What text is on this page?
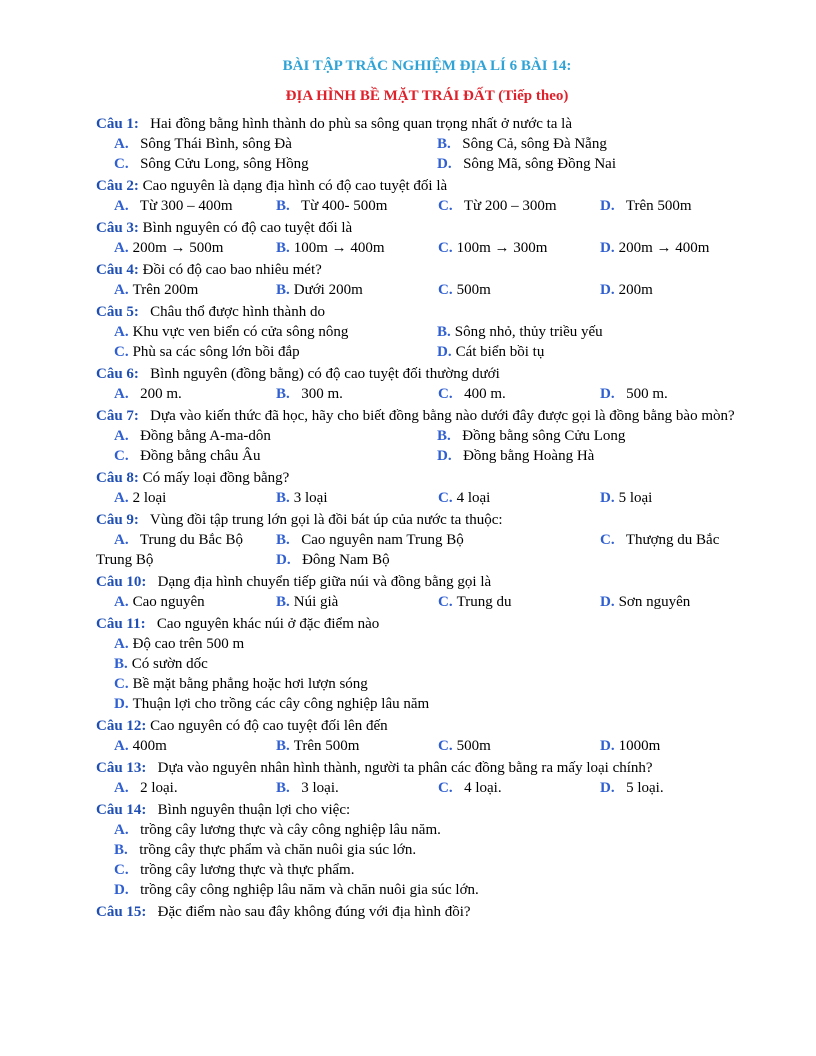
BÀI TẬP TRẮC NGHIỆM ĐỊA LÍ 6 BÀI 14:
ĐỊA HÌNH BỀ MẶT TRÁI ĐẤT (Tiếp theo)
Câu 1: Hai đồng bằng hình thành do phù sa sông quan trọng nhất ở nước ta là
A. Sông Thái Bình, sông Đà	B. Sông Cả, sông Đà Nẵng
C. Sông Cửu Long, sông Hồng	D. Sông Mã, sông Đồng Nai
Câu 2: Cao nguyên là dạng địa hình có độ cao tuyệt đối là
A. Từ 300 – 400m	B. Từ 400- 500m	C. Từ 200 – 300m	D. Trên 500m
Câu 3: Bình nguyên có độ cao tuyệt đối là
A. 200m → 500m	B. 100m → 400m	C. 100m → 300m	D. 200m → 400m
Câu 4: Đồi có độ cao bao nhiêu mét?
A. Trên 200m	B. Dưới 200m	C. 500m	D. 200m
Câu 5: Châu thổ được hình thành do
A. Khu vực ven biển có cửa sông nông	B. Sông nhỏ, thủy triều yếu
C. Phù sa các sông lớn bồi đắp	D. Cát biển bồi tụ
Câu 6: Bình nguyên (đồng bằng) có độ cao tuyệt đối thường dưới
A. 200 m.	B. 300 m.	C. 400 m.	D. 500 m.
Câu 7: Dựa vào kiến thức đã học, hãy cho biết đồng bằng nào dưới đây được gọi là đồng bằng bào mòn?
A. Đồng bằng A-ma-dôn	B. Đồng bằng sông Cửu Long
C. Đồng bằng châu Âu	D. Đồng bằng Hoàng Hà
Câu 8: Có mấy loại đồng bằng?
A. 2 loại	B. 3 loại	C. 4 loại	D. 5 loại
Câu 9: Vùng đồi tập trung lớn gọi là đồi bát úp của nước ta thuộc:
A. Trung du Bắc Bộ	B. Cao nguyên nam Trung Bộ	C. Thượng du Bắc
Trung Bộ	D. Đông Nam Bộ
Câu 10: Dạng địa hình chuyển tiếp giữa núi và đồng bằng gọi là
A. Cao nguyên	B. Núi già	C. Trung du	D. Sơn nguyên
Câu 11: Cao nguyên khác núi ở đặc điểm nào
A. Độ cao trên 500 m
B. Có sườn dốc
C. Bề mặt bằng phẳng hoặc hơi lượn sóng
D. Thuận lợi cho trồng các cây công nghiệp lâu năm
Câu 12: Cao nguyên có độ cao tuyệt đối lên đến
A. 400m	B. Trên 500m	C. 500m	D. 1000m
Câu 13: Dựa vào nguyên nhân hình thành, người ta phân các đồng bằng ra mấy loại chính?
A. 2 loại.	B. 3 loại.	C. 4 loại.	D. 5 loại.
Câu 14: Bình nguyên thuận lợi cho việc:
A. trồng cây lương thực và cây công nghiệp lâu năm.
B. trồng cây thực phẩm và chăn nuôi gia súc lớn.
C. trồng cây lương thực và thực phẩm.
D. trồng cây công nghiệp lâu năm và chăn nuôi gia súc lớn.
Câu 15: Đặc điểm nào sau đây không đúng với địa hình đồi?
